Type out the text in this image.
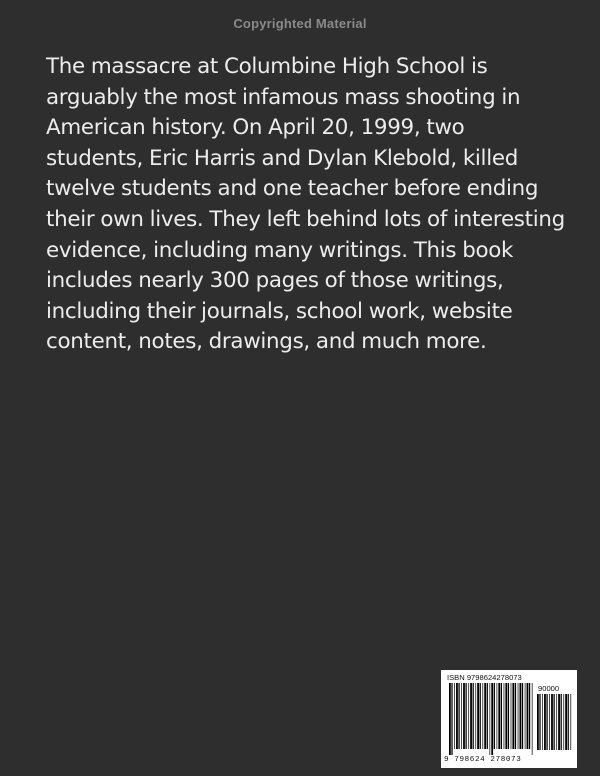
Copyrighted Material

The massacre at Columbine High School is arguably the most infamous mass shooting in American history. On April 20, 1999, two students, Eric Harris and Dylan Klebold, killed twelve students and one teacher before ending their own lives. They left behind lots of interesting evidence, including many writings. This book includes nearly 300 pages of those writings, including their journals, school work, website content, notes, drawings, and much more.

ISBN 9798624278073
90000
9 798624 278073
